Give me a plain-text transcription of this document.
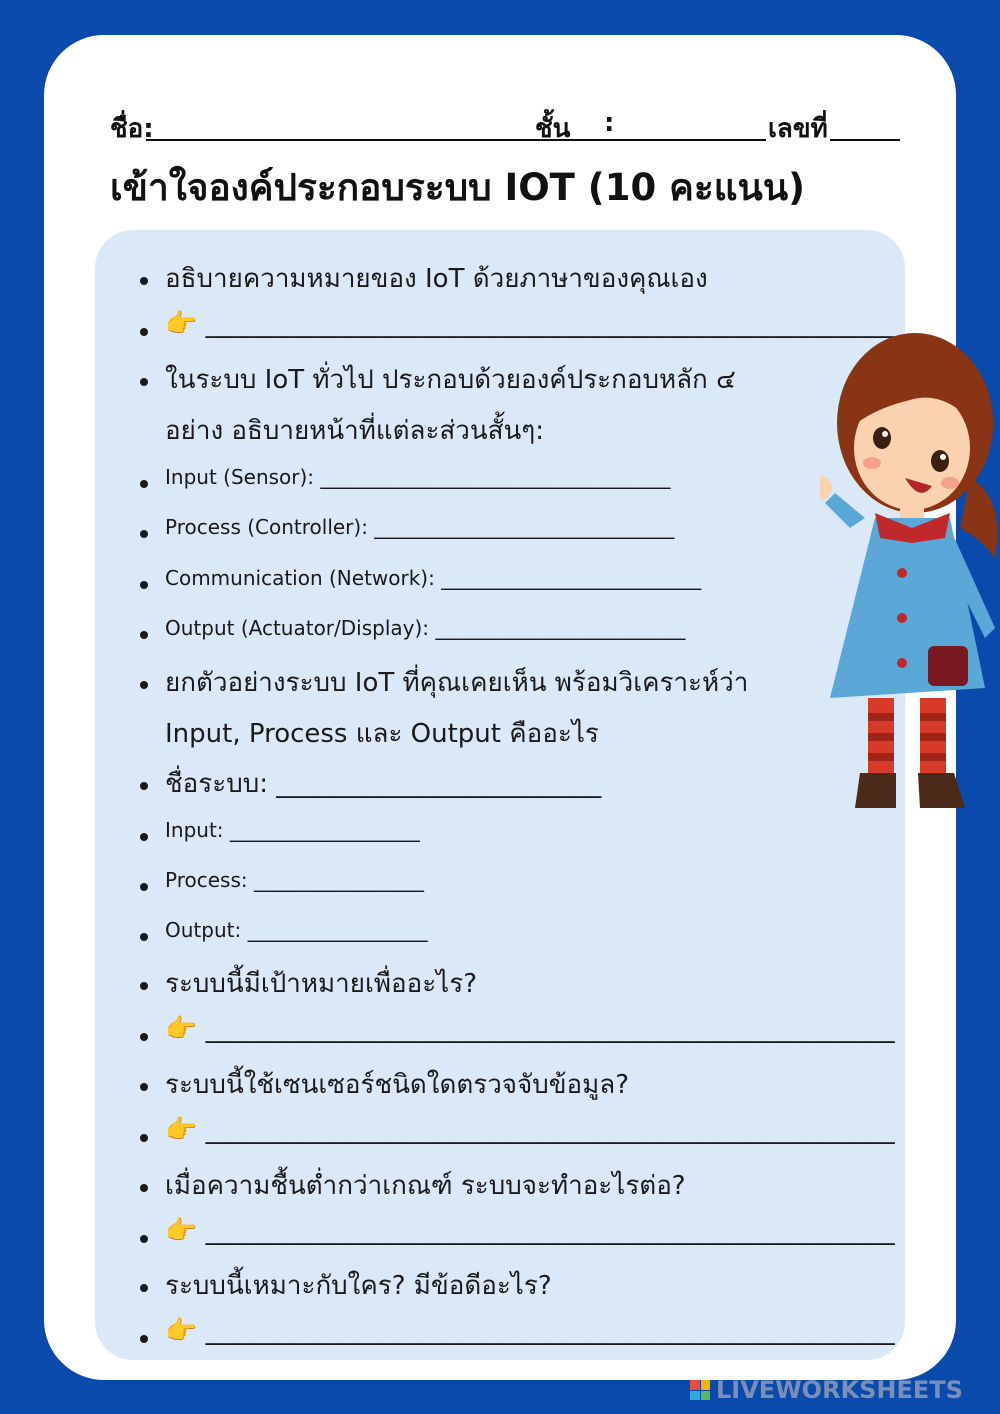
ชื่อ:	ชั้น :	เลขที่
เข้าใจองค์ประกอบระบบ IOT (10 คะแนน)
อธิบายความหมายของ IoT ด้วยภาษาของคุณเอง
👉 _____________________________________________________
ในระบบ IoT ทั่วไป ประกอบด้วยองค์ประกอบหลัก ๔
อย่าง อธิบายหน้าที่แต่ละส่วนสั้นๆ:
Input (Sensor): ___________________________________
Process (Controller): ______________________________
Communication (Network): __________________________
Output (Actuator/Display): _________________________
ยกตัวอย่างระบบ IoT ที่คุณเคยเห็น พร้อมวิเคราะห์ว่า
Input, Process และ Output คืออะไร
ชื่อระบบ: _________________________
Input: ___________________
Process: _________________
Output: __________________
ระบบนี้มีเป้าหมายเพื่ออะไร?
👉 _____________________________________________________
ระบบนี้ใช้เซนเซอร์ชนิดใดตรวจจับข้อมูล?
👉 _____________________________________________________
เมื่อความชื้นต่ำกว่าเกณฑ์ ระบบจะทำอะไรต่อ?
👉 _____________________________________________________
ระบบนี้เหมาะกับใคร? มีข้อดีอะไร?
👉 _____________________________________________________
LIVEWORKSHEETS
